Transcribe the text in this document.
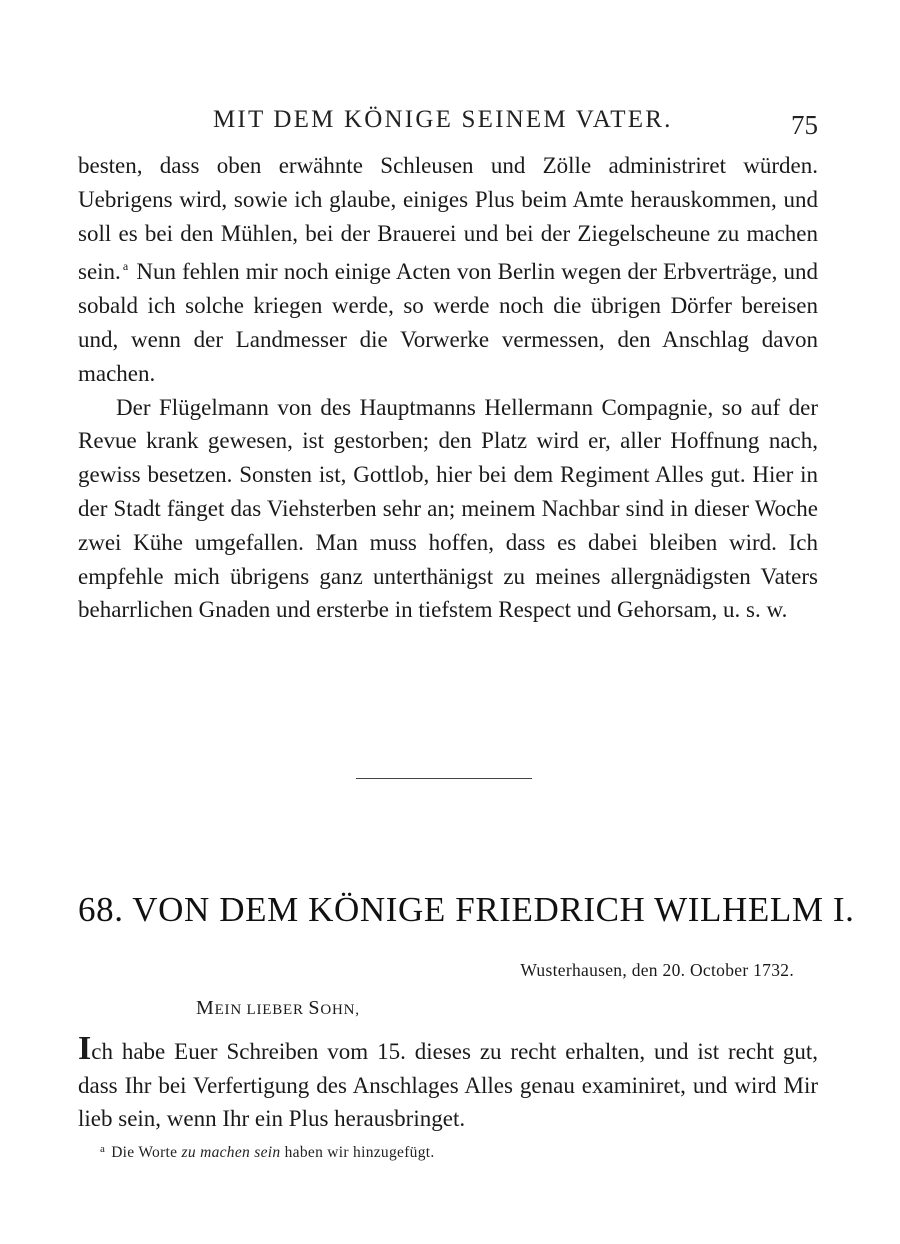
MIT DEM KÖNIGE SEINEM VATER.	75

besten, dass oben erwähnte Schleusen und Zölle administriret würden. Uebrigens wird, sowie ich glaube, einiges Plus beim Amte herauskommen, und soll es bei den Mühlen, bei der Brauerei und bei der Ziegelscheune zu machen sein. $^a$ Nun fehlen mir noch einige Acten von Berlin wegen der Erbverträge, und sobald ich solche kriegen werde, so werde noch die übrigen Dörfer bereisen und, wenn der Landmesser die Vorwerke vermessen, den Anschlag davon machen.

Der Flügelmann von des Hauptmanns Hellermann Compagnie, so auf der Revue krank gewesen, ist gestorben; den Platz wird er, aller Hoffnung nach, gewiss besetzen. Sonsten ist, Gottlob, hier bei dem Regiment Alles gut. Hier in der Stadt fänget das Viehsterben sehr an; meinem Nachbar sind in dieser Woche zwei Kühe umgefallen. Man muss hoffen, dass es dabei bleiben wird. Ich empfehle mich übrigens ganz unterthänigst zu meines allergnädigsten Vaters beharrlichen Gnaden und ersterbe in tiefstem Respect und Gehorsam, u. s. w.

68. VON DEM KÖNIGE FRIEDRICH WILHELM I.
Wusterhausen, den 20. October 1732.
MEIN LIEBER SOHN,

Ich habe Euer Schreiben vom 15. dieses zu recht erhalten, und ist recht gut, dass Ihr bei Verfertigung des Anschlages Alles genau examiniret, und wird Mir lieb sein, wenn Ihr ein Plus herausbringet.

$^a$ Die Worte zu machen sein haben wir hinzugefügt.
